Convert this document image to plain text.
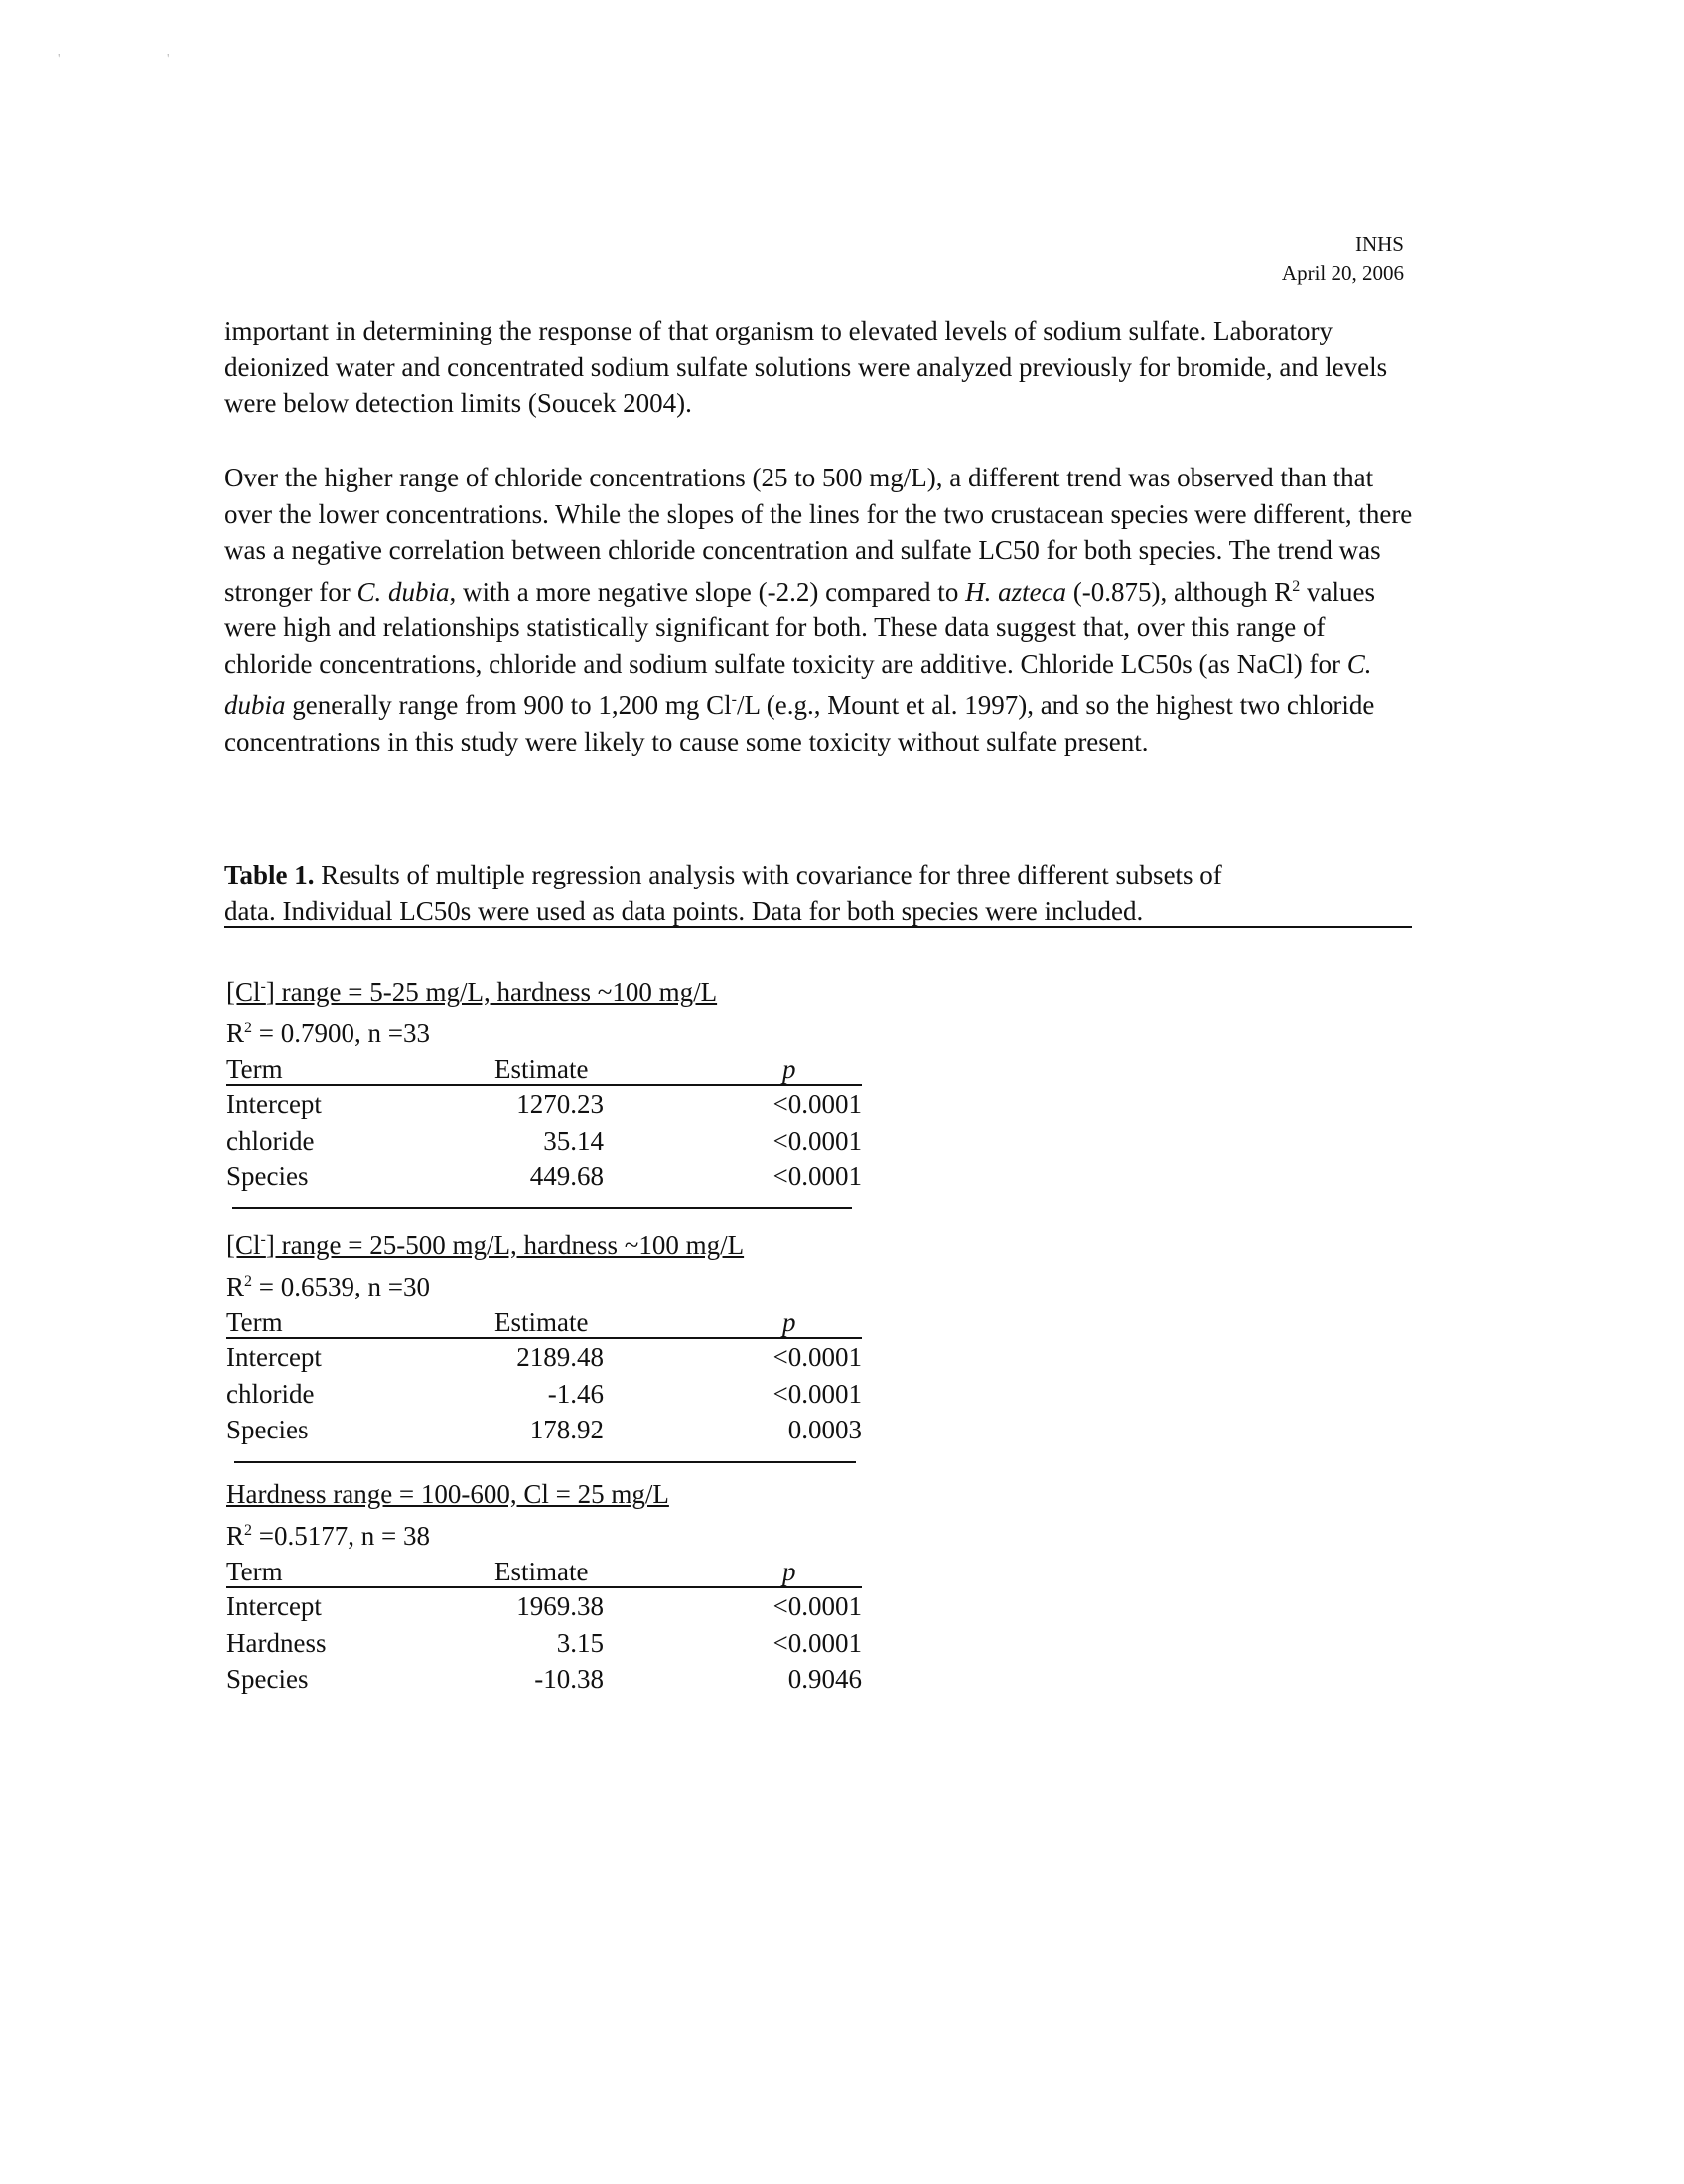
'	'
INHS
April 20, 2006

important in determining the response of that organism to elevated levels of sodium sulfate. Laboratory deionized water and concentrated sodium sulfate solutions were analyzed previously for bromide, and levels were below detection limits (Soucek 2004).

Over the higher range of chloride concentrations (25 to 500 mg/L), a different trend was observed than that over the lower concentrations. While the slopes of the lines for the two crustacean species were different, there was a negative correlation between chloride concentration and sulfate LC50 for both species. The trend was stronger for C. dubia, with a more negative slope (-2.2) compared to H. azteca (-0.875), although $R^2$ values were high and relationships statistically significant for both. These data suggest that, over this range of chloride concentrations, chloride and sodium sulfate toxicity are additive. Chloride LC50s (as NaCl) for C. dubia generally range from 900 to 1,200 mg Cl-/L (e.g., Mount et al. 1997), and so the highest two chloride concentrations in this study were likely to cause some toxicity without sulfate present.

Table 1. Results of multiple regression analysis with covariance for three different subsets of
data. Individual LC50s were used as data points. Data for both species were included.
[Cl-] range = 5-25 mg/L, hardness ~100 mg/L
$R^2 = 0.7900$, n =33
Term	Estimate	p
Intercept	1270.23	<0.0001
chloride	35.14	<0.0001
Species	449.68	<0.0001
[Cl-] range = 25-500 mg/L, hardness ~100 mg/L
$R^2 = 0.6539$, n =30
Term	Estimate	p
Intercept	2189.48	<0.0001
chloride	-1.46	<0.0001
Species	178.92	0.0003
Hardness range = 100-600, Cl = 25 mg/L
$R^2 =0.5177$, n = 38
Term	Estimate	p
Intercept	1969.38	<0.0001
Hardness	3.15	<0.0001
Species	-10.38	0.9046
